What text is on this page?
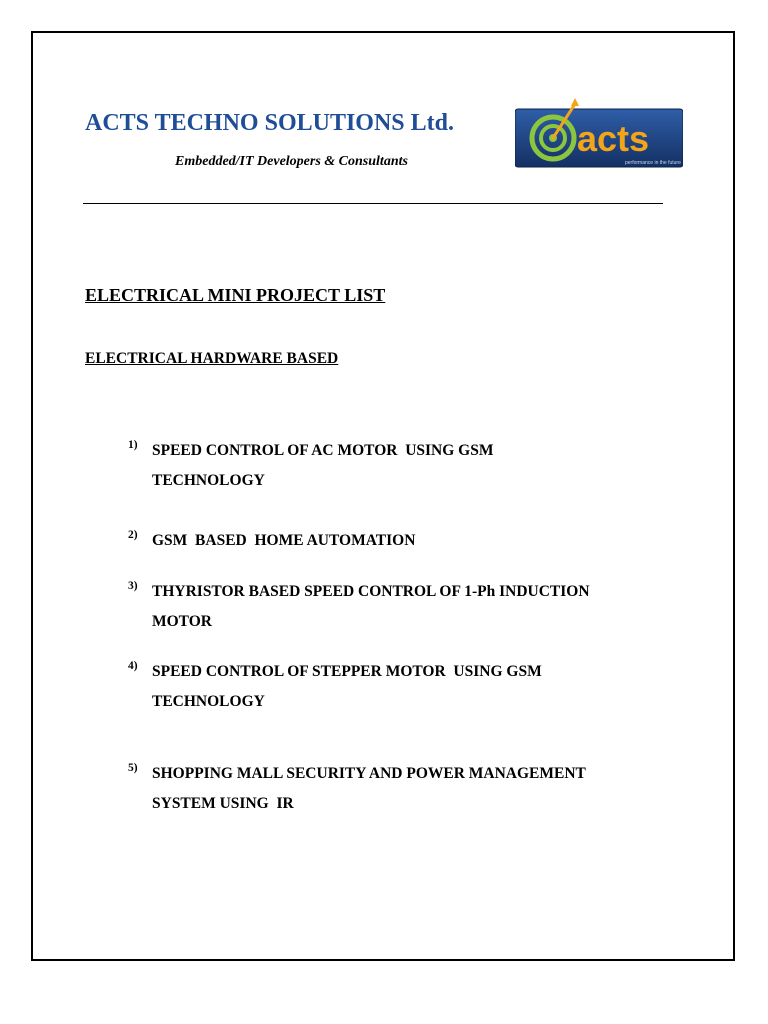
ACTS TECHNO SOLUTIONS Ltd.
Embedded/IT Developers & Consultants
acts
performance in the future
ELECTRICAL MINI PROJECT LIST
ELECTRICAL HARDWARE BASED
1) SPEED CONTROL OF AC MOTOR  USING GSM
TECHNOLOGY
2) GSM  BASED  HOME AUTOMATION
3) THYRISTOR BASED SPEED CONTROL OF 1-Ph INDUCTION
MOTOR
4) SPEED CONTROL OF STEPPER MOTOR  USING GSM
TECHNOLOGY
5) SHOPPING MALL SECURITY AND POWER MANAGEMENT
SYSTEM USING  IR
